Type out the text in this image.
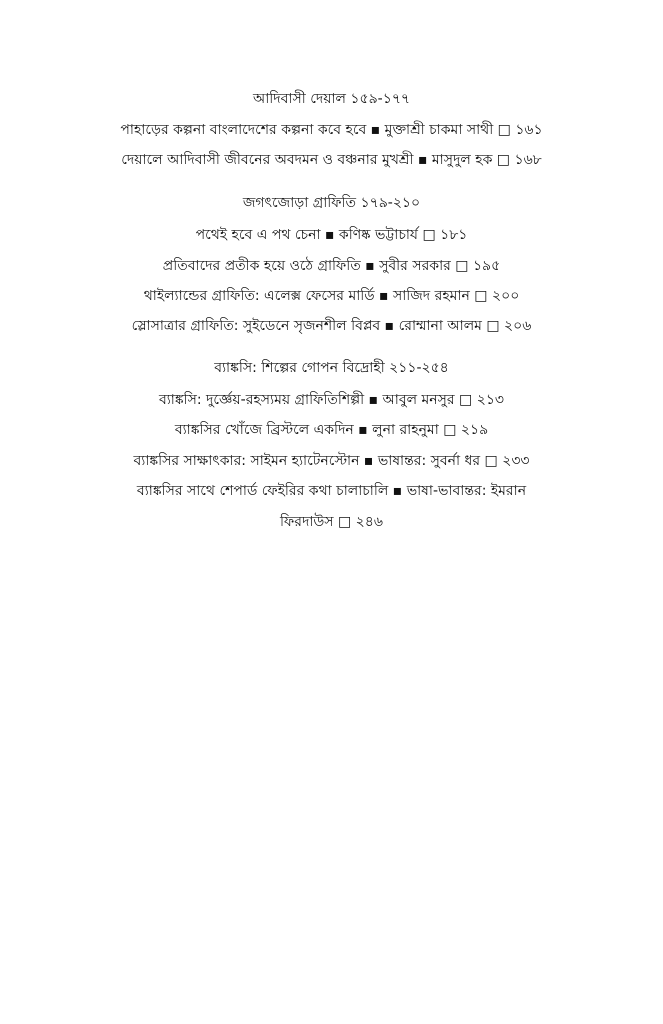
আদিবাসী দেয়াল ১৫৯-১৭৭
পাহাড়ের কল্পনা বাংলাদেশের কল্পনা কবে হবে ▪ মুক্তাশ্রী চাকমা সাথী □ ১৬১
দেয়ালে আদিবাসী জীবনের অবদমন ও বঞ্চনার মুখশ্রী ▪ মাসুদুল হক □ ১৬৮
জগৎজোড়া গ্রাফিতি ১৭৯-২১০
পথেই হবে এ পথ চেনা ▪ কণিষ্ক ভট্টাচার্য □ ১৮১
প্রতিবাদের প্রতীক হয়ে ওঠে গ্রাফিতি ▪ সুবীর সরকার □ ১৯৫
থাইল্যান্ডের গ্রাফিতি: এলেক্স ফেসের মার্ডি ▪ সাজিদ রহমান □ ২০০
স্লোসাত্রার গ্রাফিতি: সুইডেনে সৃজনশীল বিপ্লব ▪ রোম্মানা আলম □ ২০৬
ব্যাঙ্কসি: শিল্পের গোপন বিদ্রোহী ২১১-২৫৪
ব্যাঙ্কসি: দুর্জ্ঞেয়-রহস্যময় গ্রাফিতিশিল্পী ▪ আবুল মনসুর □ ২১৩
ব্যাঙ্কসির খোঁজে ব্রিস্টলে একদিন ▪ লুনা রাহনুমা □ ২১৯
ব্যাঙ্কসির সাক্ষাৎকার: সাইমন হ্যাটেনস্টোন ▪ ভাষান্তর: সুবর্না ধর □ ২৩৩
ব্যাঙ্কসির সাথে শেপার্ড ফেইরির কথা চালাচালি ▪ ভাষা-ভাবান্তর: ইমরান
ফিরদাউস □ ২৪৬
